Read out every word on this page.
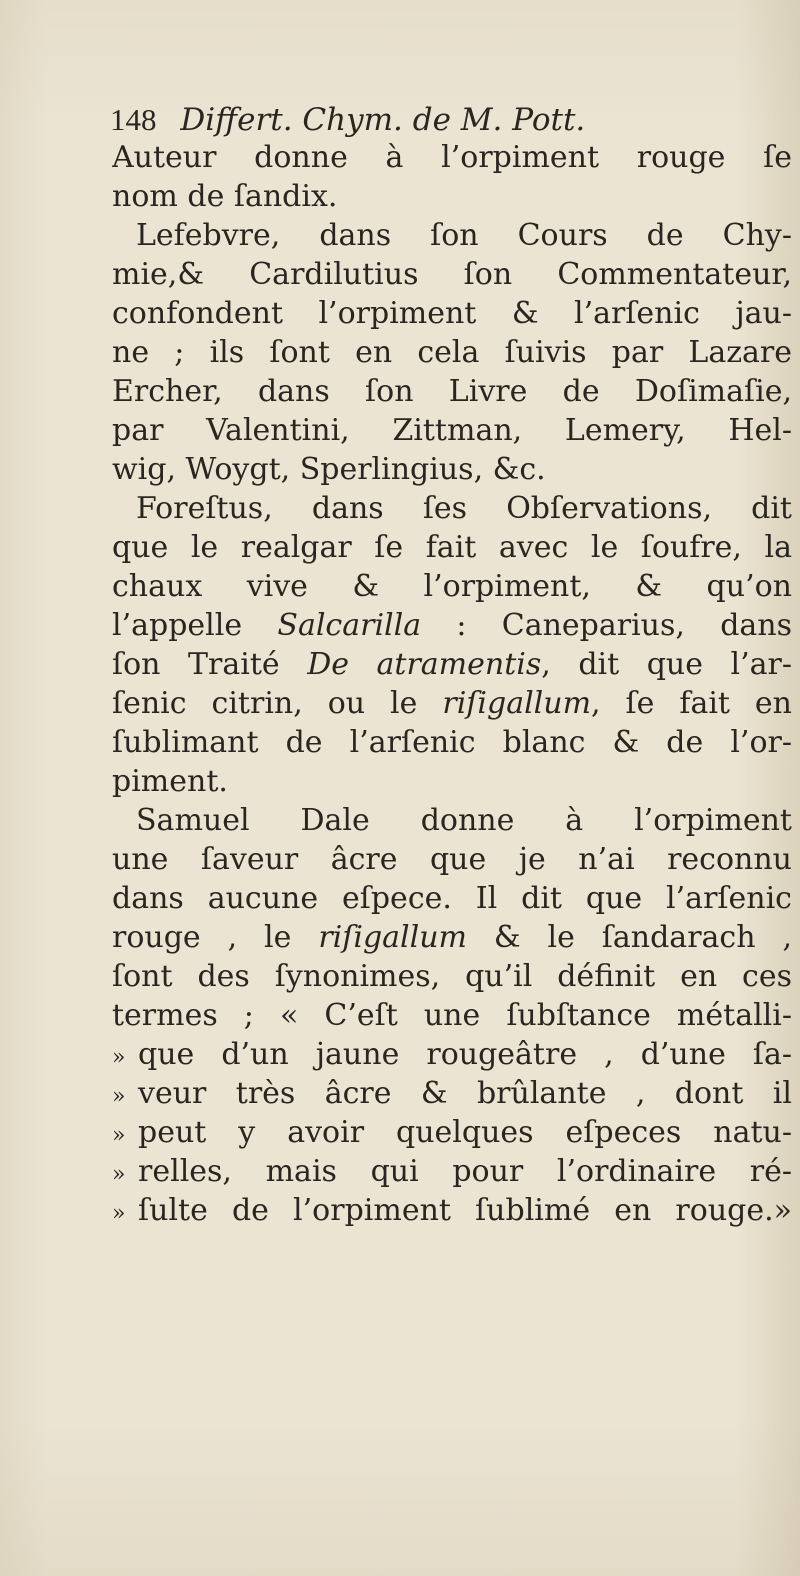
148 Differt. Chym. de M. Pott.
Auteur donne à l’orpiment rouge ſe
nom de ſandix.
Lefebvre, dans ſon Cours de Chy-
mie,& Cardilutius ſon Commentateur,
confondent l’orpiment & l’arſenic jau-
ne ; ils ſont en cela ſuivis par Lazare
Ercher, dans ſon Livre de Doſimaſie,
par Valentini, Zittman, Lemery, Hel-
wig, Woygt, Sperlingius, &c.
Foreſtus, dans ſes Obſervations, dit
que le realgar ſe fait avec le ſoufre, la
chaux vive & l’orpiment, & qu’on
l’appelle Salcarilla : Caneparius, dans
ſon Traité De atramentis, dit que l’ar-
ſenic citrin, ou le riſigallum, ſe fait en
ſublimant de l’arſenic blanc & de l’or-
piment.
Samuel Dale donne à l’orpiment
une ſaveur âcre que je n’ai reconnu
dans aucune eſpece. Il dit que l’arſenic
rouge , le riſigallum & le ſandarach ,
ſont des ſynonimes, qu’il définit en ces
termes ; « C’eſt une ſubſtance métalli-
» que d’un jaune rougeâtre , d’une ſa-
» veur très âcre & brûlante , dont il
» peut y avoir quelques eſpeces natu-
» relles, mais qui pour l’ordinaire ré-
» ſulte de l’orpiment ſublimé en rouge.»
